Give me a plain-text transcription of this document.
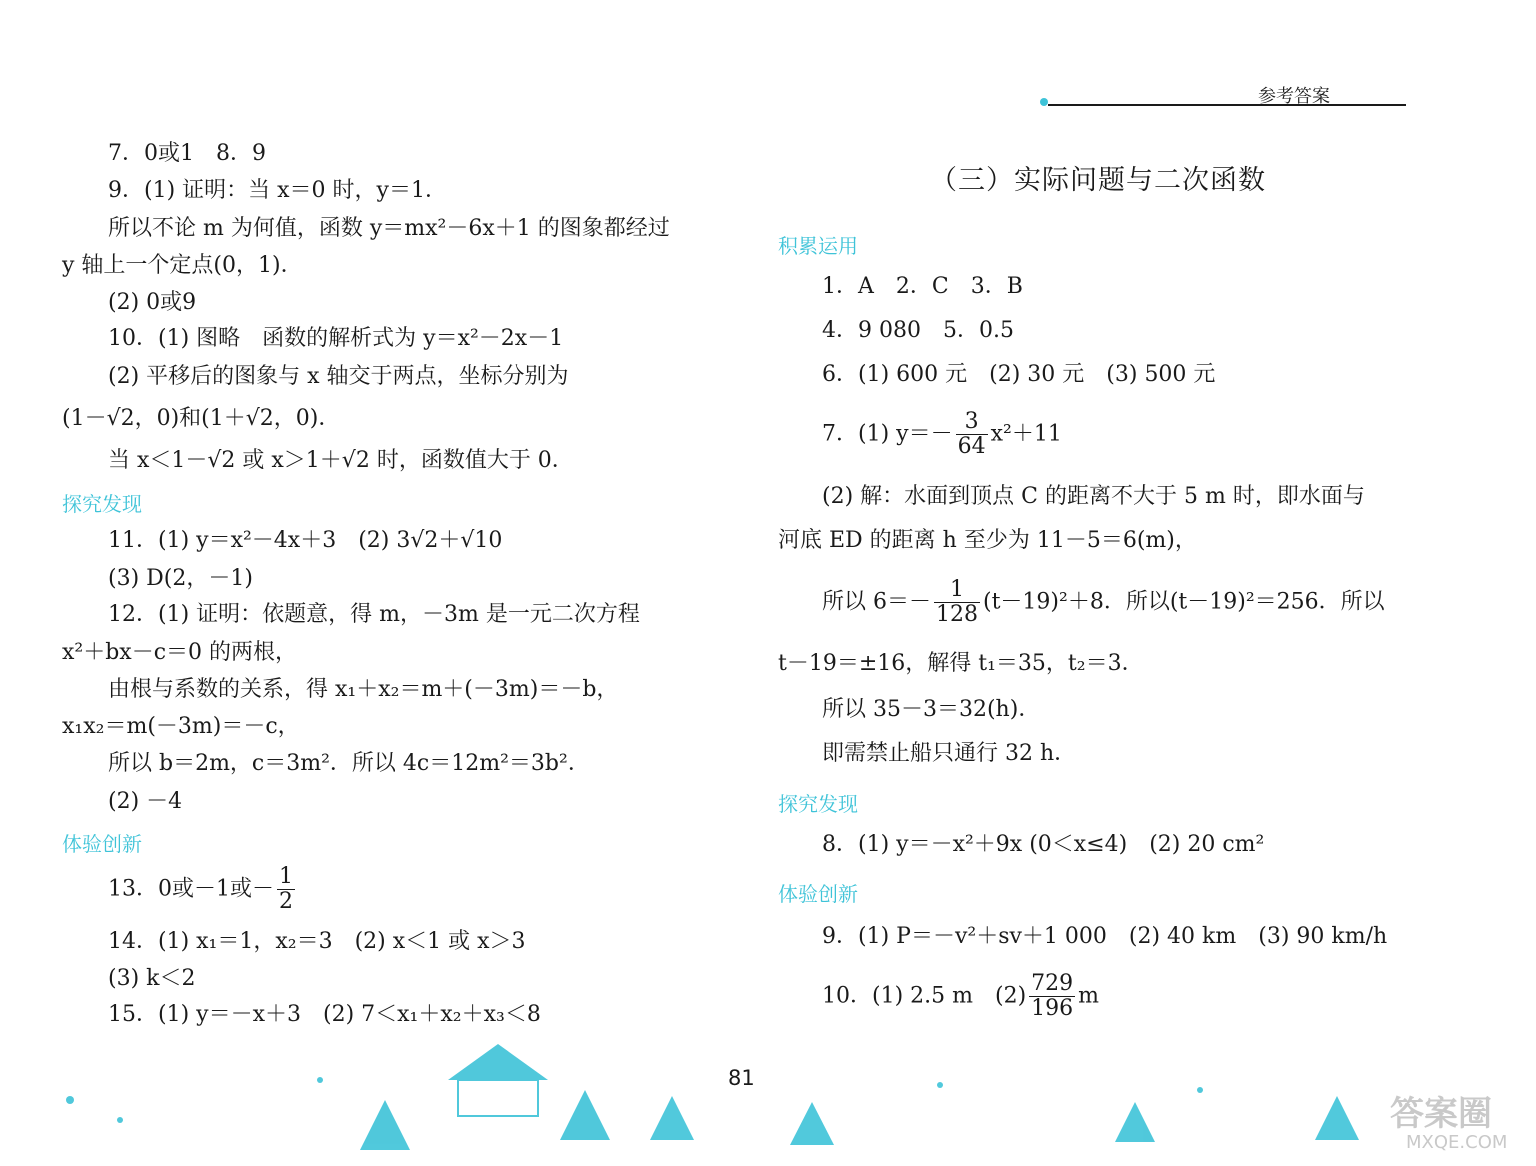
参考答案
7．0或1　8．9
9．(1) 证明：当 x＝0 时，y＝1．
所以不论 m 为何值，函数 y＝mx²－6x＋1 的图象都经过
y 轴上一个定点(0，1)．
(2) 0或9
10．(1) 图略　函数的解析式为 y＝x²－2x－1
(2) 平移后的图象与 x 轴交于两点，坐标分别为
(1－√2，0)和(1＋√2，0)．
当 x＜1－√2 或 x＞1＋√2 时，函数值大于 0．
探究发现
11．(1) y＝x²－4x＋3　(2) 3√2＋√10
(3) D(2，－1)
12．(1) 证明：依题意，得 m，－3m 是一元二次方程
x²＋bx－c＝0 的两根，
由根与系数的关系，得 x₁＋x₂＝m＋(－3m)＝－b，
x₁x₂＝m(－3m)＝－c，
所以 b＝2m，c＝3m²．所以 4c＝12m²＝3b²．
(2) －4
体验创新
13．0或－1或－ $\frac{1}{2}$
14．(1) x₁＝1，x₂＝3　(2) x＜1 或 x＞3
(3) k＜2
15．(1) y＝－x＋3　(2) 7＜x₁＋x₂＋x₃＜8
（三）实际问题与二次函数
积累运用
1．A　2．C　3．B
4．9 080　5．0.5
6．(1) 600 元　(2) 30 元　(3) 500 元
7．(1) $y=- \frac{3}{64} x^2+11$
(2) 解：水面到顶点 C 的距离不大于 5 m 时，即水面与
河底 ED 的距离 h 至少为 11－5＝6(m)，
所以 $6=- \frac{1}{128} (t-19)^2+8$．所以(t－19)²＝256．所以
t－19＝±16，解得 t₁＝35，t₂＝3．
所以 35－3＝32(h)．
即需禁止船只通行 32 h．
探究发现
8．(1) y＝－x²＋9x (0＜x≤4)　(2) 20 cm²
体验创新
9．(1) P＝－v²＋sv＋1 000　(2) 40 km　(3) 90 km/h
10．(1) 2.5 m　$(2) \frac{729}{196}$ m
81
答案圈
MXQE.COM
